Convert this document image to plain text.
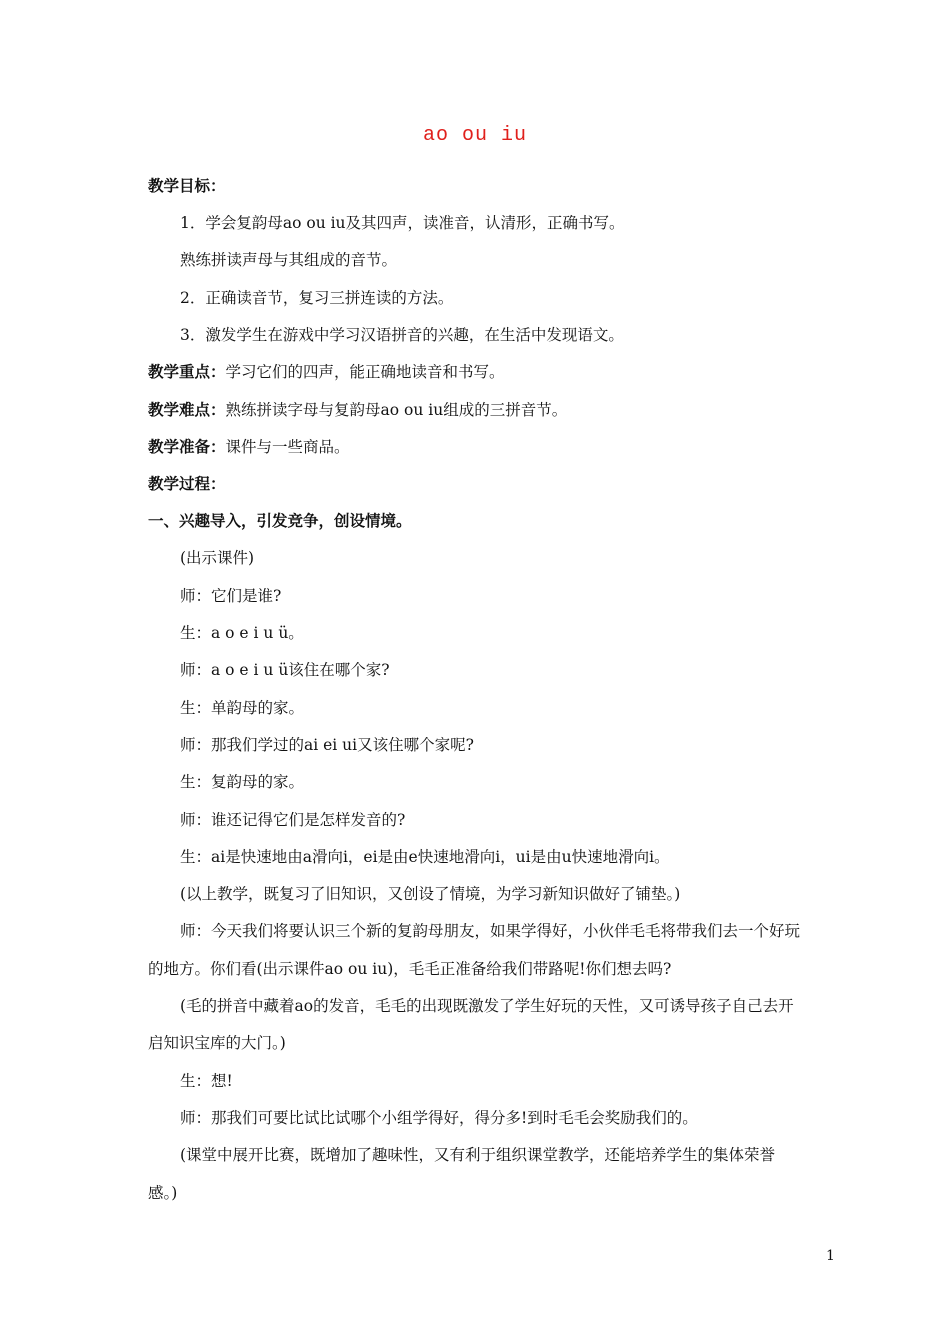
ao ou iu
教学目标：
1．学会复韵母ao ou iu及其四声，读准音，认清形，正确书写。
熟练拼读声母与其组成的音节。
2．正确读音节，复习三拼连读的方法。
3．激发学生在游戏中学习汉语拼音的兴趣，在生活中发现语文。
教学重点：学习它们的四声，能正确地读音和书写。
教学难点：熟练拼读字母与复韵母ao ou iu组成的三拼音节。
教学准备：课件与一些商品。
教学过程：
一、兴趣导入，引发竞争，创设情境。
(出示课件)
师：它们是谁?
生：a o e i u ü。
师：a o e i u ü该住在哪个家?
生：单韵母的家。
师：那我们学过的ai ei ui又该住哪个家呢?
生：复韵母的家。
师：谁还记得它们是怎样发音的?
生：ai是快速地由a滑向i，ei是由e快速地滑向i，ui是由u快速地滑向i。
(以上教学，既复习了旧知识，又创设了情境，为学习新知识做好了铺垫。)
师：今天我们将要认识三个新的复韵母朋友，如果学得好，小伙伴毛毛将带我们去一个好玩
的地方。你们看(出示课件ao ou iu)，毛毛正准备给我们带路呢!你们想去吗?
(毛的拼音中藏着ao的发音，毛毛的出现既激发了学生好玩的天性，又可诱导孩子自己去开
启知识宝库的大门。)
生：想!
师：那我们可要比试比试哪个小组学得好，得分多!到时毛毛会奖励我们的。
(课堂中展开比赛，既增加了趣味性，又有利于组织课堂教学，还能培养学生的集体荣誉
感。)
1
